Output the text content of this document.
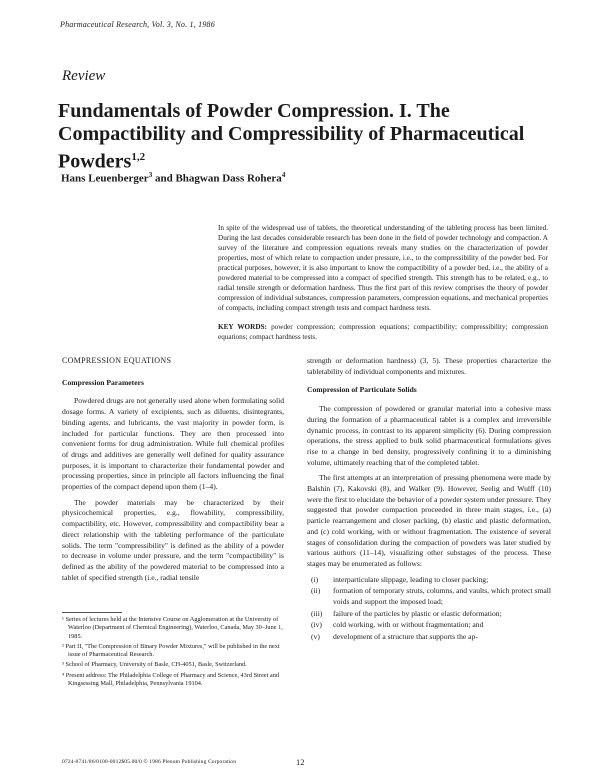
Pharmaceutical Research, Vol. 3, No. 1, 1986
Review
Fundamentals of Powder Compression. I. The Compactibility and Compressibility of Pharmaceutical Powders$^{1,2}$
Hans Leuenberger$^3$ and Bhagwan Dass Rohera$^4$
In spite of the widespread use of tablets, the theoretical understanding of the tableting process has been limited. During the last decades considerable research has been done in the field of powder technology and compaction. A survey of the literature and compression equations reveals many studies on the characterization of powder properties, most of which relate to compaction under pressure, i.e., to the compressibility of the powder bed. For practical purposes, however, it is also important to know the compactibility of a powder bed, i.e., the ability of a powdered material to be compressed into a compact of specified strength. This strength has to be related, e.g., to radial tensile strength or deformation hardness. Thus the first part of this review comprises the theory of powder compression of individual substances, compression parameters, compression equations, and mechanical properties of compacts, including compact strength tests and compact hardness tests.
KEY WORDS: powder compression; compression equations; compactibility; compressibility; compression equations; compact hardness tests.
COMPRESSION EQUATIONS
Compression Parameters

Powdered drugs are not generally used alone when formulating solid dosage forms. A variety of excipients, such as diluents, disintegrants, binding agents, and lubricants, the vast majority in powder form, is included for particular functions. They are then processed into convenient forms for drug administration. While full chemical profiles of drugs and additives are generally well defined for quality assurance purposes, it is important to characterize their fundamental powder and processing properties, since in principle all factors influencing the final properties of the compact depend upon them (1–4).

The powder materials may be characterized by their physicochemical properties, e.g., flowability, compressibility, compactibility, etc. However, compressibility and compactibility bear a direct relationship with the tableting performance of the particulate solids. The term "compressibility" is defined as the ability of a powder to decrease in volume under pressure, and the term "compactibility" is defined as the ability of the powdered material to be compressed into a tablet of specified strength (i.e., radial tensile

¹ Series of lectures held at the Intensive Course on Agglomeration at the University of Waterloo (Department of Chemical Engineering), Waterloo, Canada, May 30–June 1, 1985.
² Part II, "The Compression of Binary Powder Mixtures," will be published in the next issue of Pharmaceutical Research.
³ School of Pharmacy, University of Basle, CH-4051, Basle, Switzerland.
⁴ Present address: The Philadelphia College of Pharmacy and Science, 43rd Street and Kingsessing Mall, Philadelphia, Pennsylvania 19104.

strength or deformation hardness) (3, 5). These properties characterize the tabletability of individual components and mixtures.

Compression of Particulate Solids

The compression of powdered or granular material into a cohesive mass during the formation of a pharmaceutical tablet is a complex and irreversible dynamic process, in contrast to its apparent simplicity (6). During compression operations, the stress applied to bulk solid pharmaceutical formulations gives rise to a change in bed density, progressively confining it to a diminishing volume, ultimately reaching that of the completed tablet.

The first attempts at an interpretation of pressing phenomena were made by Balshin (7), Kakovski (8), and Walker (9). However, Seelig and Wulff (10) were the first to elucidate the behavior of a powder system under pressure. They suggested that powder compaction proceeded in three main stages, i.e., (a) particle rearrangement and closer packing, (b) elastic and plastic deformation, and (c) cold working, with or without fragmentation. The existence of several stages of consolidation during the compaction of powders was later studied by various authors (11–14), visualizing other substages of the process. These stages may be enumerated as follows:

(i)	interparticulate slippage, leading to closer packing;
(ii)	formation of temporary struts, columns, and vaults, which protect small voids and support the imposed load;
(iii)	failure of the particles by plastic or elastic deformation;
(iv)	cold working, with or without fragmentation; and
(v)	development of a structure that supports the ap-
0724-8741/86/0100-0012$05.00/0 © 1986 Plenum Publishing Corporation	12
